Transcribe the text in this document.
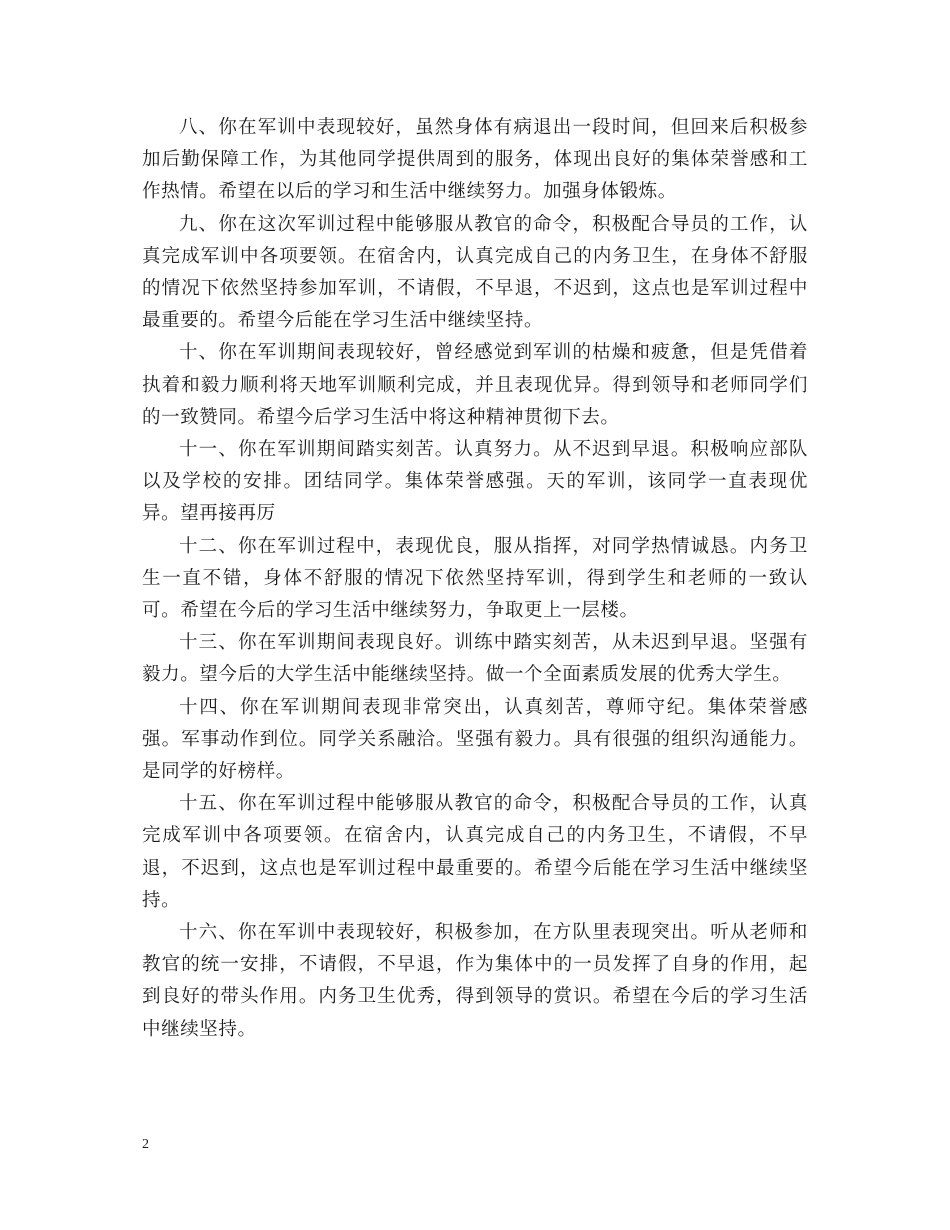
八、你在军训中表现较好，虽然身体有病退出一段时间，但回来后积极参加后勤保障工作，为其他同学提供周到的服务，体现出良好的集体荣誉感和工作热情。希望在以后的学习和生活中继续努力。加强身体锻炼。

九、你在这次军训过程中能够服从教官的命令，积极配合导员的工作，认真完成军训中各项要领。在宿舍内，认真完成自己的内务卫生，在身体不舒服的情况下依然坚持参加军训，不请假，不早退，不迟到，这点也是军训过程中最重要的。希望今后能在学习生活中继续坚持。

十、你在军训期间表现较好，曾经感觉到军训的枯燥和疲惫，但是凭借着执着和毅力顺利将天地军训顺利完成，并且表现优异。得到领导和老师同学们的一致赞同。希望今后学习生活中将这种精神贯彻下去。

十一、你在军训期间踏实刻苦。认真努力。从不迟到早退。积极响应部队以及学校的安排。团结同学。集体荣誉感强。天的军训，该同学一直表现优异。望再接再厉

十二、你在军训过程中，表现优良，服从指挥，对同学热情诚恳。内务卫生一直不错，身体不舒服的情况下依然坚持军训，得到学生和老师的一致认可。希望在今后的学习生活中继续努力，争取更上一层楼。

十三、你在军训期间表现良好。训练中踏实刻苦，从未迟到早退。坚强有毅力。望今后的大学生活中能继续坚持。做一个全面素质发展的优秀大学生。

十四、你在军训期间表现非常突出，认真刻苦，尊师守纪。集体荣誉感强。军事动作到位。同学关系融洽。坚强有毅力。具有很强的组织沟通能力。是同学的好榜样。

十五、你在军训过程中能够服从教官的命令，积极配合导员的工作，认真完成军训中各项要领。在宿舍内，认真完成自己的内务卫生，不请假，不早退，不迟到，这点也是军训过程中最重要的。希望今后能在学习生活中继续坚持。

十六、你在军训中表现较好，积极参加，在方队里表现突出。听从老师和教官的统一安排，不请假，不早退，作为集体中的一员发挥了自身的作用，起到良好的带头作用。内务卫生优秀，得到领导的赏识。希望在今后的学习生活中继续坚持。

2
